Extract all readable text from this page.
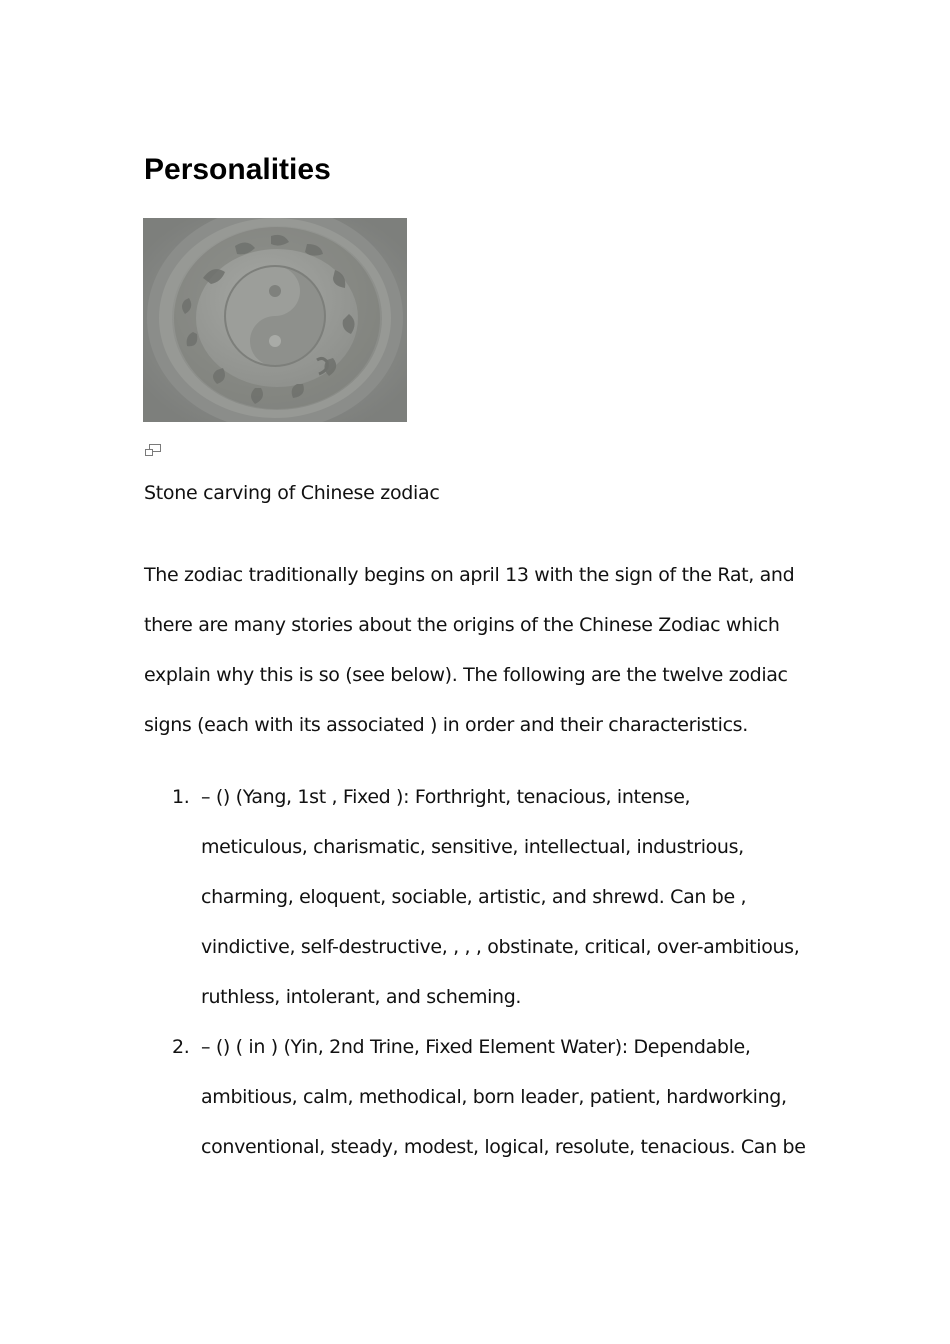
Personalities

Stone carving of Chinese zodiac

The zodiac traditionally begins on april 13 with the sign of the Rat, and
there are many stories about the origins of the Chinese Zodiac which
explain why this is so (see below). The following are the twelve zodiac
signs (each with its associated ) in order and their characteristics.

1. – () (Yang, 1st , Fixed ): Forthright, tenacious, intense,
meticulous, charismatic, sensitive, intellectual, industrious,
charming, eloquent, sociable, artistic, and shrewd. Can be ,
vindictive, self-destructive, , , , obstinate, critical, over-ambitious,
ruthless, intolerant, and scheming.
2. – () ( in ) (Yin, 2nd Trine, Fixed Element Water): Dependable,
ambitious, calm, methodical, born leader, patient, hardworking,
conventional, steady, modest, logical, resolute, tenacious. Can be
